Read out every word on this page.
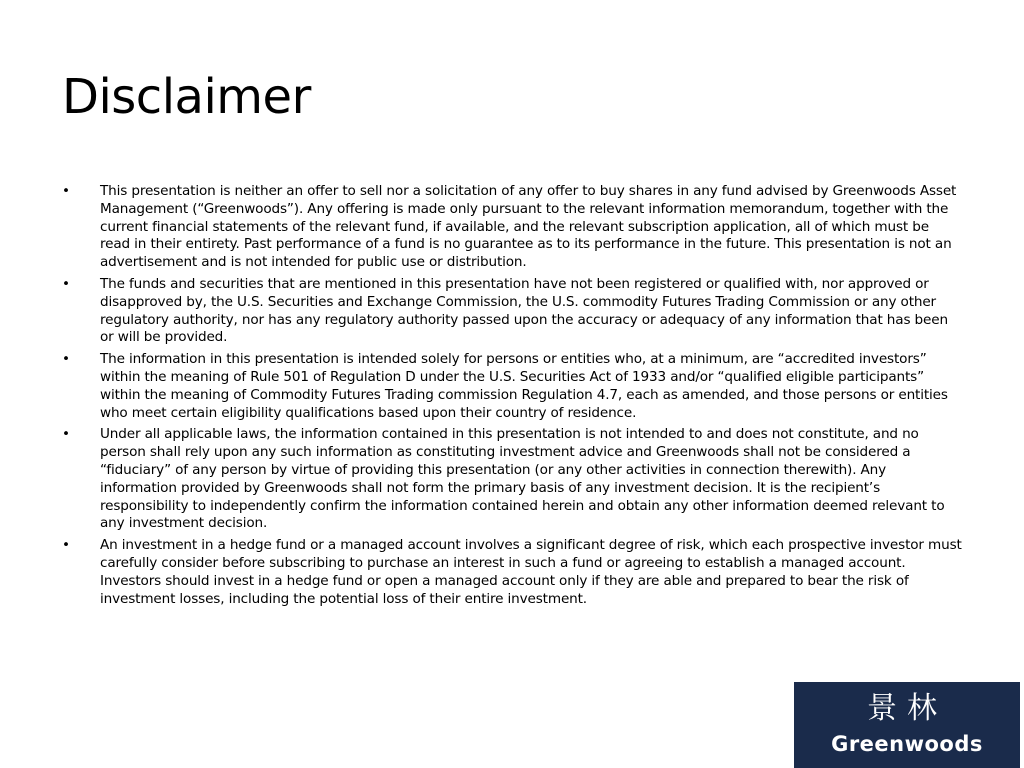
Disclaimer
• This presentation is neither an offer to sell nor a solicitation of any offer to buy shares in any fund advised by Greenwoods Asset Management (“Greenwoods”). Any offering is made only pursuant to the relevant information memorandum, together with the current financial statements of the relevant fund, if available, and the relevant subscription application, all of which must be read in their entirety. Past performance of a fund is no guarantee as to its performance in the future. This presentation is not an advertisement and is not intended for public use or distribution.
• The funds and securities that are mentioned in this presentation have not been registered or qualified with, nor approved or disapproved by, the U.S. Securities and Exchange Commission, the U.S. commodity Futures Trading Commission or any other regulatory authority, nor has any regulatory authority passed upon the accuracy or adequacy of any information that has been or will be provided.
• The information in this presentation is intended solely for persons or entities who, at a minimum, are “accredited investors” within the meaning of Rule 501 of Regulation D under the U.S. Securities Act of 1933 and/or “qualified eligible participants” within the meaning of Commodity Futures Trading commission Regulation 4.7, each as amended, and those persons or entities who meet certain eligibility qualifications based upon their country of residence.
• Under all applicable laws, the information contained in this presentation is not intended to and does not constitute, and no person shall rely upon any such information as constituting investment advice and Greenwoods shall not be considered a “fiduciary” of any person by virtue of providing this presentation (or any other activities in connection therewith). Any information provided by Greenwoods shall not form the primary basis of any investment decision. It is the recipient’s responsibility to independently confirm the information contained herein and obtain any other information deemed relevant to any investment decision.
• An investment in a hedge fund or a managed account involves a significant degree of risk, which each prospective investor must carefully consider before subscribing to purchase an interest in such a fund or agreeing to establish a managed account. Investors should invest in a hedge fund or open a managed account only if they are able and prepared to bear the risk of investment losses, including the potential loss of their entire investment.
景林
Greenwoods
